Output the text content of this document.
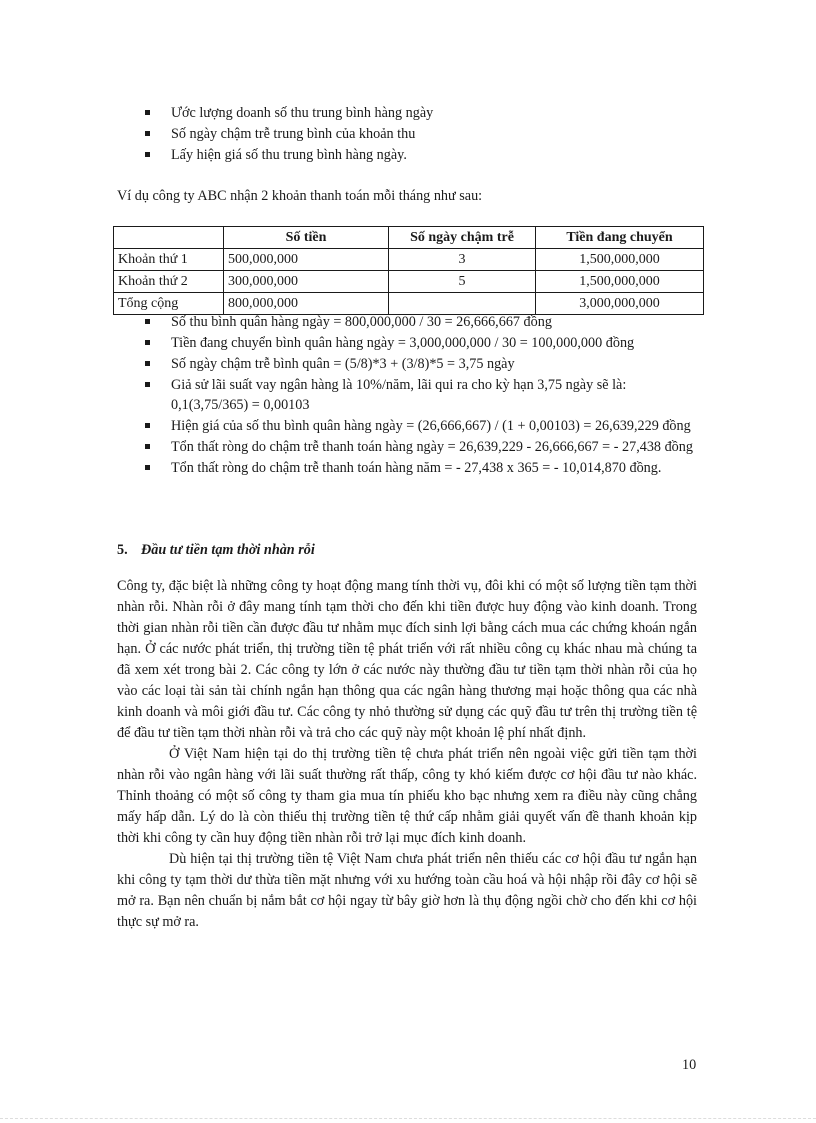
Ước lượng doanh số thu trung bình hàng ngày
Số ngày chậm trễ trung bình của khoản thu
Lấy hiện giá số thu trung bình hàng ngày.
Ví dụ công ty ABC nhận 2 khoản thanh toán mỗi tháng như sau:
	Số tiền	Số ngày chậm trễ	Tiền đang chuyển
Khoản thứ 1	500,000,000	3	1,500,000,000
Khoản thứ 2	300,000,000	5	1,500,000,000
Tổng cộng	800,000,000		3,000,000,000
Số thu bình quân hàng ngày = 800,000,000 / 30 = 26,666,667 đồng
Tiền đang chuyển bình quân hàng ngày = 3,000,000,000 / 30 = 100,000,000 đồng
Số ngày chậm trễ bình quân = (5/8)*3 + (3/8)*5 = 3,75 ngày
Giả sử lãi suất vay ngân hàng là 10%/năm, lãi qui ra cho kỳ hạn 3,75 ngày sẽ là: 0,1(3,75/365) = 0,00103
Hiện giá của số thu bình quân hàng ngày = (26,666,667) / (1 + 0,00103) = 26,639,229 đồng
Tổn thất ròng do chậm trễ thanh toán hàng ngày = 26,639,229 - 26,666,667 = - 27,438 đồng
Tổn thất ròng do chậm trễ thanh toán hàng năm = - 27,438 x 365 = - 10,014,870 đồng.
5. Đầu tư tiền tạm thời nhàn rỗi

Công ty, đặc biệt là những công ty hoạt động mang tính thời vụ, đôi khi có một số lượng tiền tạm thời nhàn rỗi. Nhàn rỗi ở đây mang tính tạm thời cho đến khi tiền được huy động vào kinh doanh. Trong thời gian nhàn rỗi tiền cần được đầu tư nhằm mục đích sinh lợi bằng cách mua các chứng khoán ngắn hạn. Ở các nước phát triển, thị trường tiền tệ phát triển với rất nhiều công cụ khác nhau mà chúng ta đã xem xét trong bài 2. Các công ty lớn ở các nước này thường đầu tư tiền tạm thời nhàn rỗi của họ vào các loại tài sản tài chính ngắn hạn thông qua các ngân hàng thương mại hoặc thông qua các nhà kinh doanh và môi giới đầu tư. Các công ty nhỏ thường sử dụng các quỹ đầu tư trên thị trường tiền tệ để đầu tư tiền tạm thời nhàn rỗi và trả cho các quỹ này một khoản lệ phí nhất định.

Ở Việt Nam hiện tại do thị trường tiền tệ chưa phát triển nên ngoài việc gửi tiền tạm thời nhàn rỗi vào ngân hàng với lãi suất thường rất thấp, công ty khó kiếm được cơ hội đầu tư nào khác. Thỉnh thoảng có một số công ty tham gia mua tín phiếu kho bạc nhưng xem ra điều này cũng chẳng mấy hấp dẫn. Lý do là còn thiếu thị trường tiền tệ thứ cấp nhằm giải quyết vấn đề thanh khoản kịp thời khi công ty cần huy động tiền nhàn rỗi trở lại mục đích kinh doanh.

Dù hiện tại thị trường tiền tệ Việt Nam chưa phát triển nên thiếu các cơ hội đầu tư ngắn hạn khi công ty tạm thời dư thừa tiền mặt nhưng với xu hướng toàn cầu hoá và hội nhập rồi đây cơ hội sẽ mở ra. Bạn nên chuẩn bị nắm bắt cơ hội ngay từ bây giờ hơn là thụ động ngồi chờ cho đến khi cơ hội thực sự mở ra.

10
